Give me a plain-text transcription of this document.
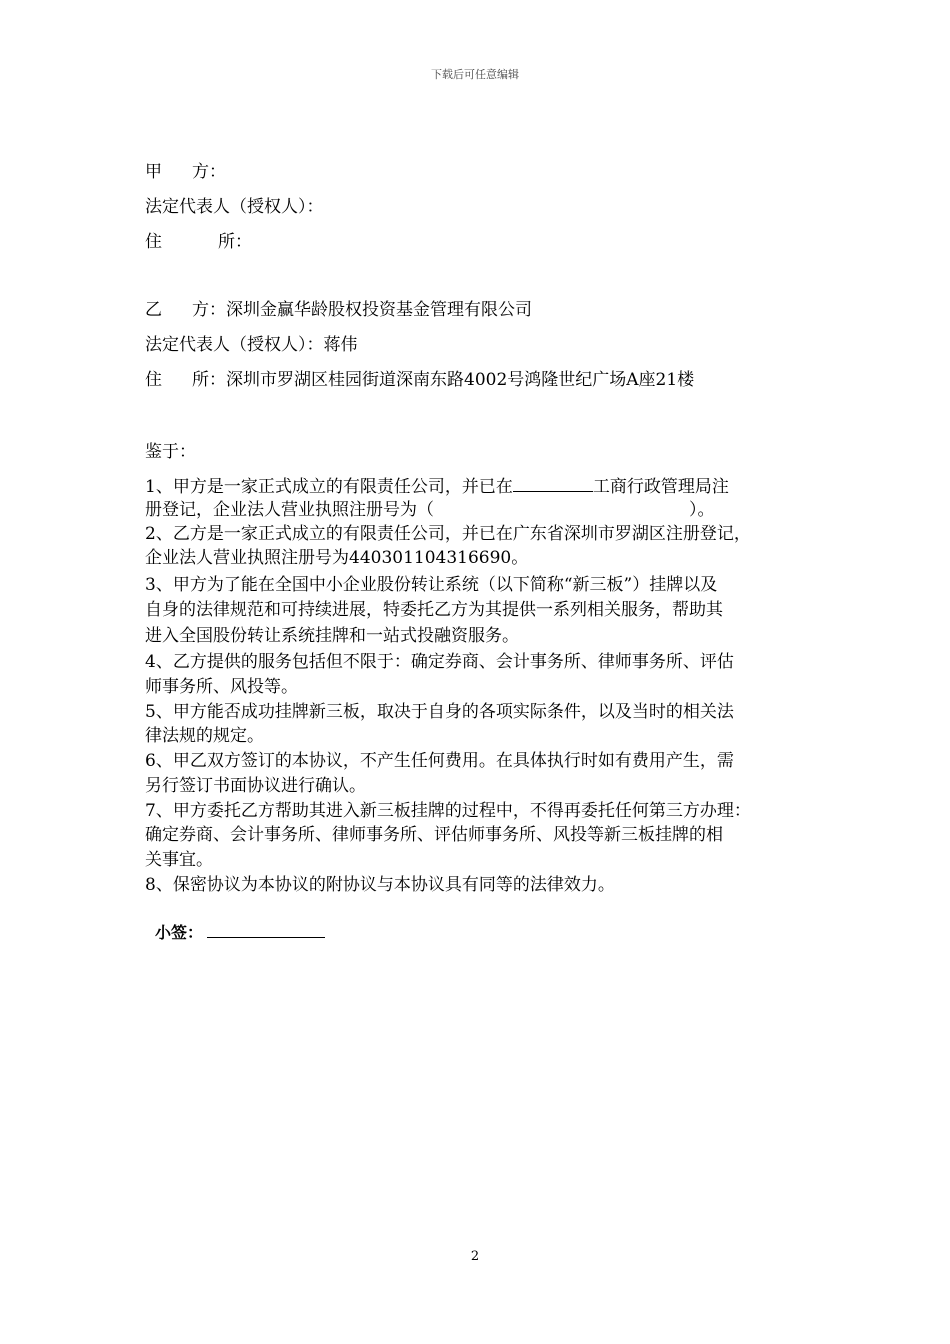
下载后可任意编辑
甲 方：
法定代表人（授权人）：
住	所：
乙 方：深圳金赢华龄股权投资基金管理有限公司
法定代表人（授权人）：蒋伟
住 所：深圳市罗湖区桂园街道深南东路4002号鸿隆世纪广场A座21楼
鉴于：
1、甲方是一家正式成立的有限责任公司，并已在	工商行政管理局注
册登记，企业法人营业执照注册号为（	）。
2、乙方是一家正式成立的有限责任公司，并已在广东省深圳市罗湖区注册登记，
企业法人营业执照注册号为440301104316690。
3、甲方为了能在全国中小企业股份转让系统（以下简称“新三板”）挂牌以及
自身的法律规范和可持续进展，特委托乙方为其提供一系列相关服务，帮助其
进入全国股份转让系统挂牌和一站式投融资服务。
4、乙方提供的服务包括但不限于：确定券商、会计事务所、律师事务所、评估
师事务所、风投等。
5、甲方能否成功挂牌新三板，取决于自身的各项实际条件，以及当时的相关法
律法规的规定。
6、甲乙双方签订的本协议，不产生任何费用。在具体执行时如有费用产生，需
另行签订书面协议进行确认。
7、甲方委托乙方帮助其进入新三板挂牌的过程中，不得再委托任何第三方办理：
确定券商、会计事务所、律师事务所、评估师事务所、风投等新三板挂牌的相
关事宜。
8、保密协议为本协议的附协议与本协议具有同等的法律效力。
小签：
2
